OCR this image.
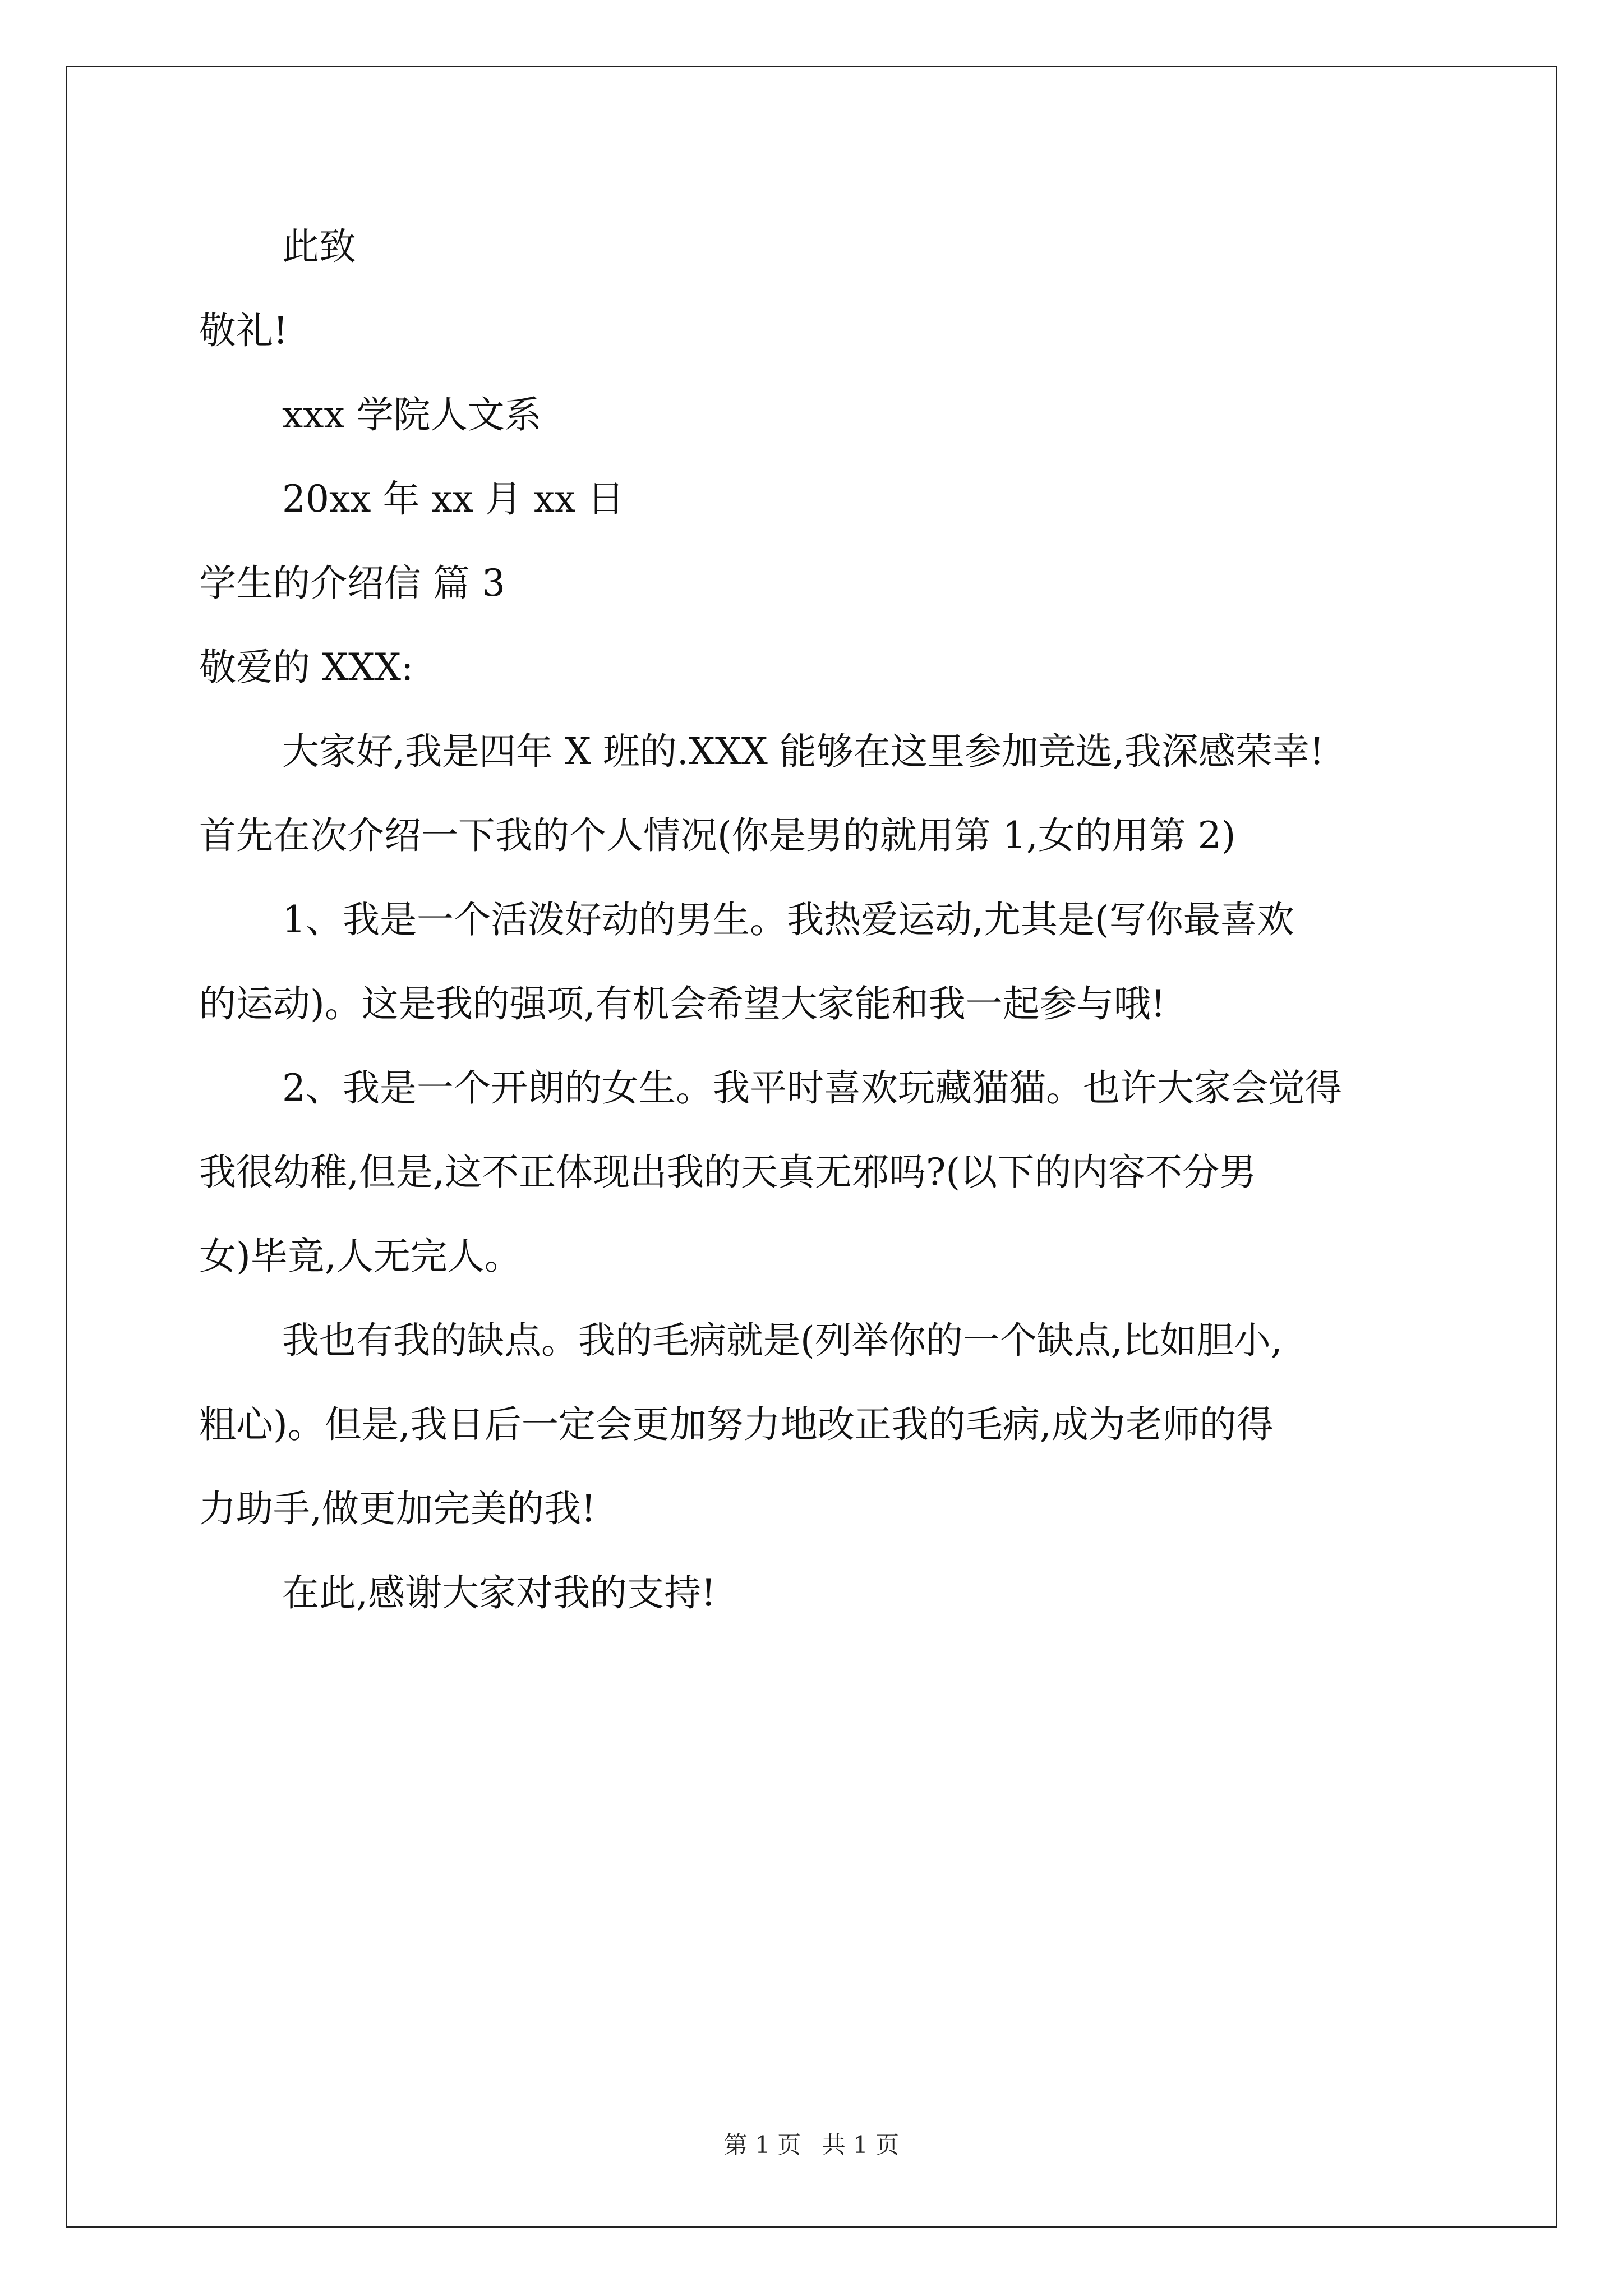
此致
敬礼!
xxx 学院人文系
20xx 年 xx 月 xx 日
学生的介绍信 篇 3
敬爱的 XXX:
大家好,我是四年 X 班的.XXX 能够在这里参加竞选,我深感荣幸!
首先在次介绍一下我的个人情况(你是男的就用第 1,女的用第 2)
1、我是一个活泼好动的男生。我热爱运动,尤其是(写你最喜欢
的运动)。这是我的强项,有机会希望大家能和我一起参与哦!
2、我是一个开朗的女生。我平时喜欢玩藏猫猫。也许大家会觉得
我很幼稚,但是,这不正体现出我的天真无邪吗?(以下的内容不分男
女)毕竟,人无完人。
我也有我的缺点。我的毛病就是(列举你的一个缺点,比如胆小,
粗心)。但是,我日后一定会更加努力地改正我的毛病,成为老师的得
力助手,做更加完美的我!
在此,感谢大家对我的支持!
第 1 页 共 1 页
